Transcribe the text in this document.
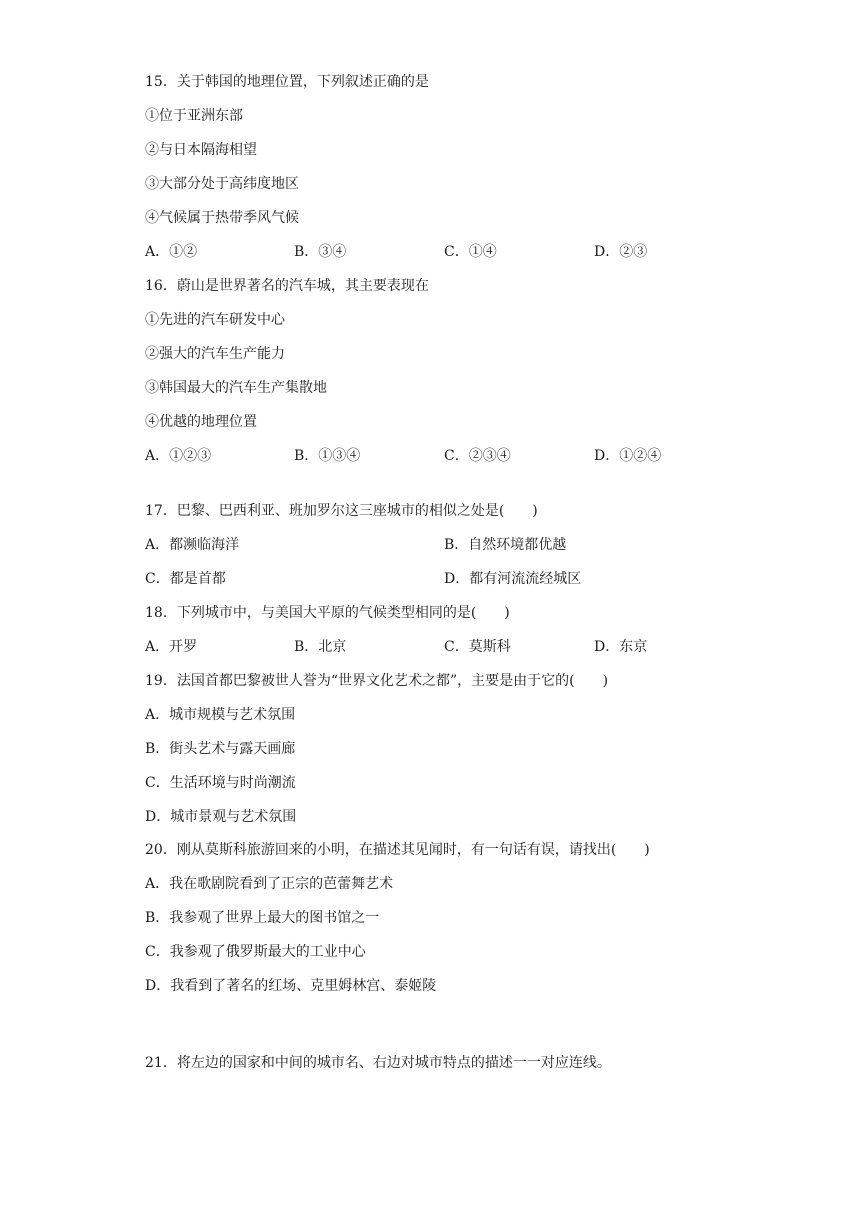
15．关于韩国的地理位置，下列叙述正确的是
①位于亚洲东部
②与日本隔海相望
③大部分处于高纬度地区
④气候属于热带季风气候
A．①②	B．③④	C．①④	D．②③
16．蔚山是世界著名的汽车城，其主要表现在
①先进的汽车研发中心
②强大的汽车生产能力
③韩国最大的汽车生产集散地
④优越的地理位置
A．①②③	B．①③④	C．②③④	D．①②④
17．巴黎、巴西利亚、班加罗尔这三座城市的相似之处是(　　)
A．都濒临海洋	B．自然环境都优越
C．都是首都	D．都有河流流经城区
18．下列城市中，与美国大平原的气候类型相同的是(　　)
A．开罗	B．北京	C．莫斯科	D．东京
19．法国首都巴黎被世人誉为“世界文化艺术之都”，主要是由于它的(　　)
A．城市规模与艺术氛围
B．街头艺术与露天画廊
C．生活环境与时尚潮流
D．城市景观与艺术氛围
20．刚从莫斯科旅游回来的小明，在描述其见闻时，有一句话有误，请找出(　　)
A．我在歌剧院看到了正宗的芭蕾舞艺术
B．我参观了世界上最大的图书馆之一
C．我参观了俄罗斯最大的工业中心
D．我看到了著名的红场、克里姆林宫、泰姬陵
21．将左边的国家和中间的城市名、右边对城市特点的描述一一对应连线。
